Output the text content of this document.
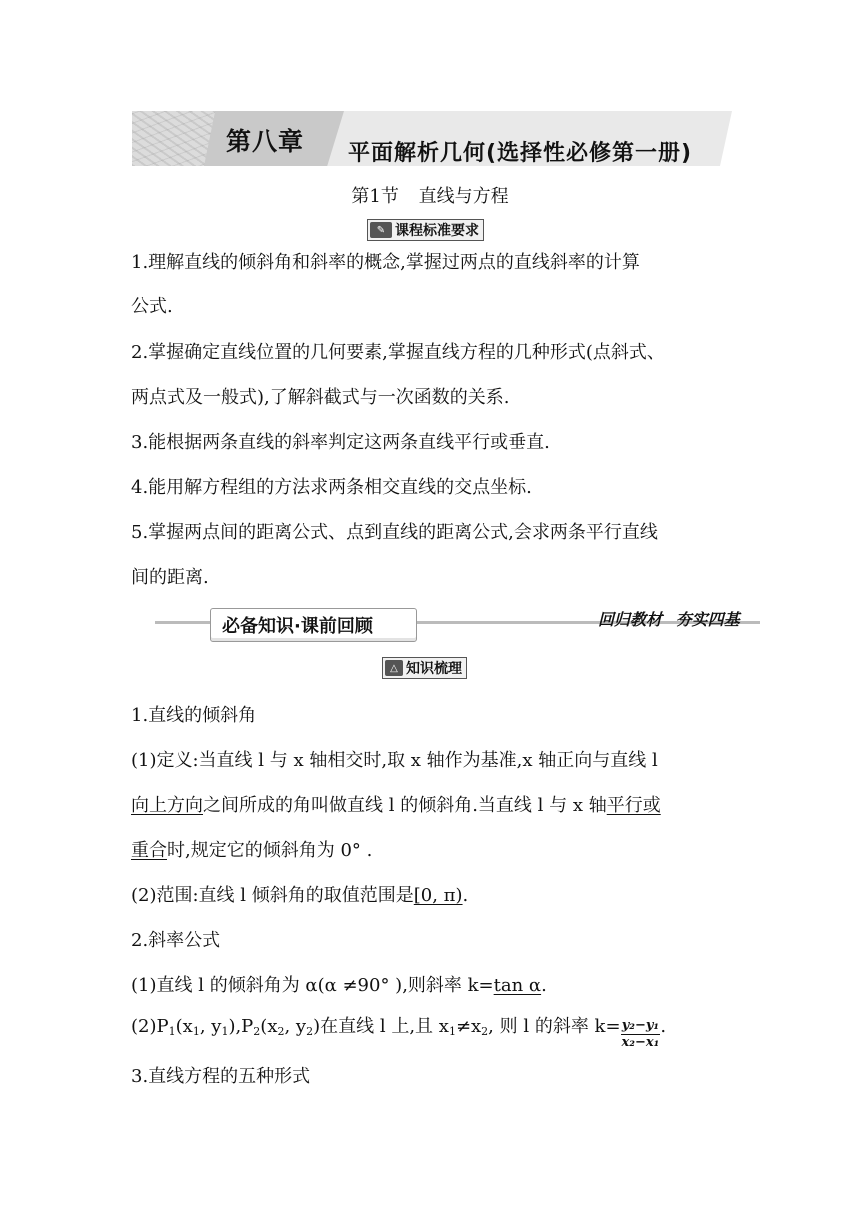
第八章	平面解析几何(选择性必修第一册)
第1节 直线与方程
✎ 课程标准要求
1.理解直线的倾斜角和斜率的概念,掌握过两点的直线斜率的计算
公式.
2.掌握确定直线位置的几何要素,掌握直线方程的几种形式(点斜式、
两点式及一般式),了解斜截式与一次函数的关系.
3.能根据两条直线的斜率判定这两条直线平行或垂直.
4.能用解方程组的方法求两条相交直线的交点坐标.
5.掌握两点间的距离公式、点到直线的距离公式,会求两条平行直线
间的距离.
必备知识·课前回顾	回归教材 夯实四基
△ 知识梳理
1.直线的倾斜角
(1)定义:当直线 l 与 x 轴相交时,取 x 轴作为基准,x 轴正向与直线 l
向上方向之间所成的角叫做直线 l 的倾斜角.当直线 l 与 x 轴平行或
重合时,规定它的倾斜角为 0° .
(2)范围:直线 l 倾斜角的取值范围是[0, π).
2.斜率公式
(1)直线 l 的倾斜角为 α(α ≠90° ),则斜率 k=tan α.
$(2)P_1(x_1$, $y_1),P_2(x_2$, $y_2$)在直线 l 上,且 $x_1\ne x_2$, 则 l 的斜率 $k= \frac{\text{y₂−y₁}}{\text{x₂−x₁}}$ .
3.直线方程的五种形式
